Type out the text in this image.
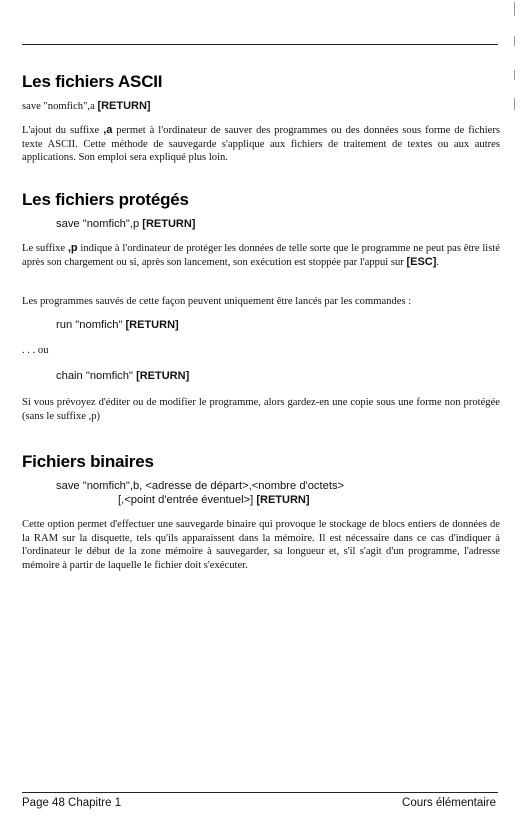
Les fichiers ASCII

save "nomfich",a [RETURN]

L'ajout du suffixe ,a permet à l'ordinateur de sauver des programmes ou des données sous forme de fichiers texte ASCII. Cette méthode de sauvegarde s'applique aux fichiers de traitement de textes ou aux autres applications. Son emploi sera expliqué plus loin.

Les fichiers protégés
save "nomfich",p [RETURN]

Le suffixe ,p indique à l'ordinateur de protéger les données de telle sorte que le programme ne peut pas être listé après son chargement ou si, après son lancement, son exécution est stoppée par l'appui sur [ESC].

Les programmes sauvés de cette façon peuvent uniquement être lancés par les commandes :

run "nomfich" [RETURN]

. . . ou

chain "nomfich" [RETURN]

Si vous prévoyez d'éditer ou de modifier le programme, alors gardez-en une copie sous une forme non protégée (sans le suffixe ,p)

Fichiers binaires
save "nomfich",b, <adresse de départ>,<nombre d'octets>
[,<point d'entrée éventuel>] [RETURN]

Cette option permet d'effectuer une sauvegarde binaire qui provoque le stockage de blocs entiers de données de la RAM sur la disquette, tels qu'ils apparaissent dans la mémoire. Il est nécessaire dans ce cas d'indiquer à l'ordinateur le début de la zone mémoire à sauvegarder, sa longueur et, s'il s'agit d'un programme, l'adresse mémoire à partir de laquelle le fichier doit s'exécuter.

Page 48 Chapitre 1	Cours élémentaire
